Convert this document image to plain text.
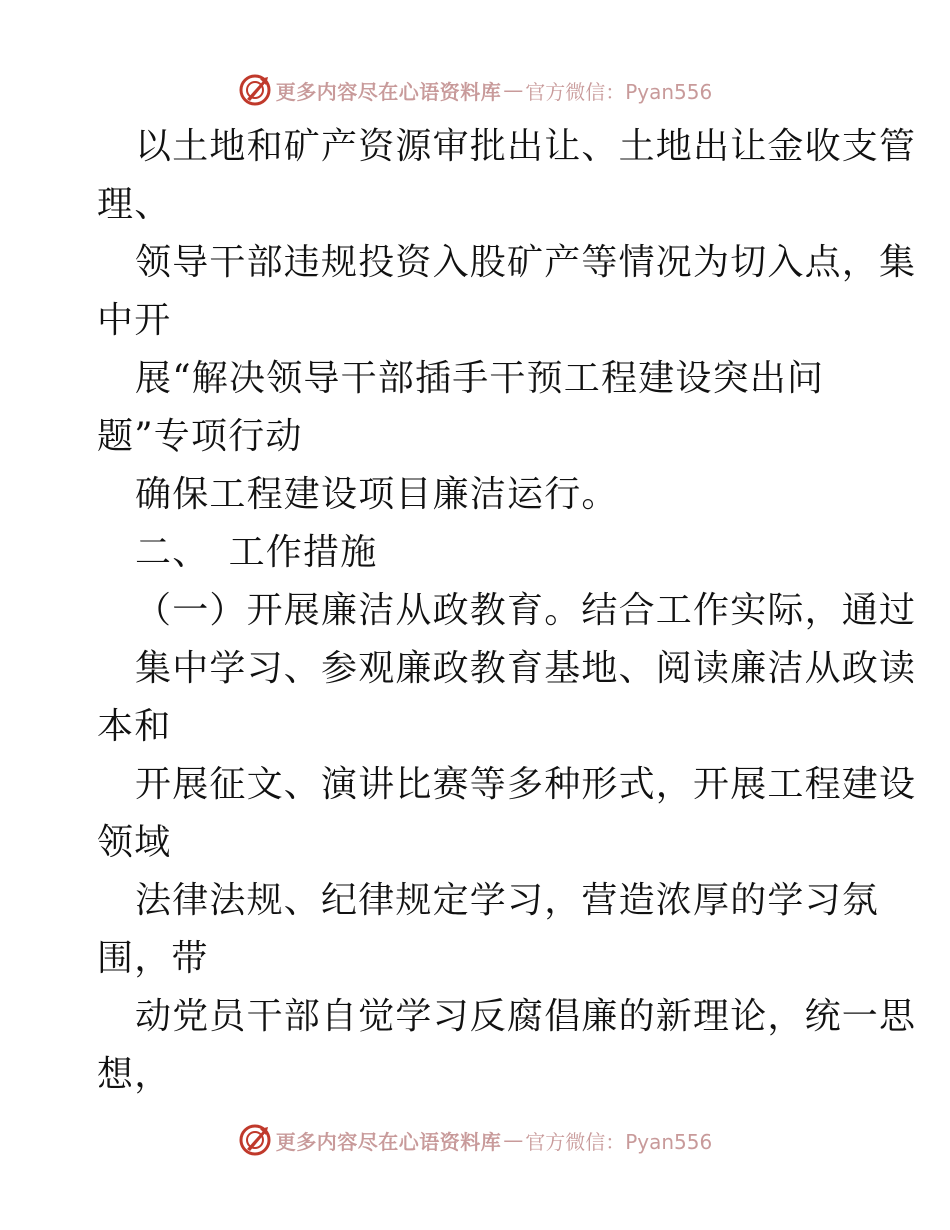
更多内容尽在心语资料库 — 官方微信：Pyan556
以土地和矿产资源审批出让、土地出让金收支管
理、
领导干部违规投资入股矿产等情况为切入点，集
中开
展“解决领导干部插手干预工程建设突出问
题”专项行动
确保工程建设项目廉洁运行。
二、　工作措施
（一）开展廉洁从政教育。结合工作实际，通过
集中学习、参观廉政教育基地、阅读廉洁从政读
本和
开展征文、演讲比赛等多种形式，开展工程建设
领域
法律法规、纪律规定学习，营造浓厚的学习氛
围，带
动党员干部自觉学习反腐倡廉的新理论，统一思
想，
更多内容尽在心语资料库 — 官方微信：Pyan556
